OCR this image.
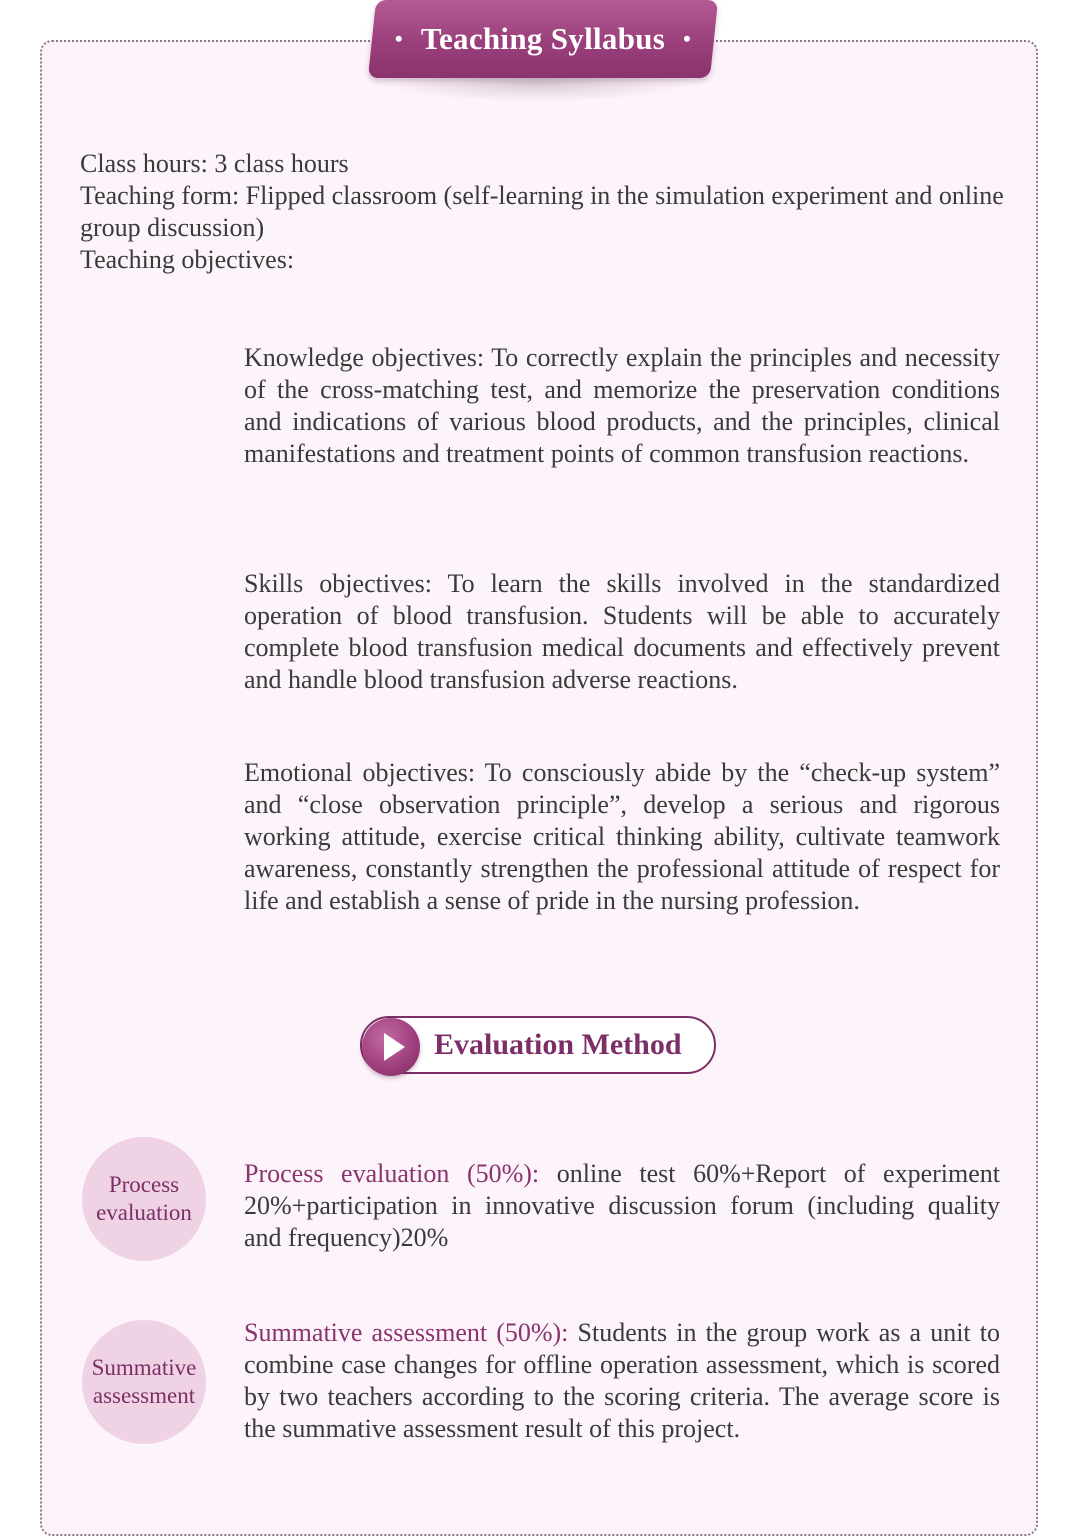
• Teaching Syllabus •
Class hours: 3 class hours
Teaching form: Flipped classroom (self-learning in the simulation experiment and online group discussion)
Teaching objectives:
Knowledge objectives: To correctly explain the principles and necessity of the cross-matching test, and memorize the preservation conditions and indications of various blood products, and the principles, clinical manifestations and treatment points of common transfusion reactions.
Skills objectives: To learn the skills involved in the standardized operation of blood transfusion. Students will be able to accurately complete blood transfusion medical documents and effectively prevent and handle blood transfusion adverse reactions.
Emotional objectives: To consciously abide by the “check-up system” and “close observation principle”, develop a serious and rigorous working attitude, exercise critical thinking ability, cultivate teamwork awareness, constantly strengthen the professional attitude of respect for life and establish a sense of pride in the nursing profession.
Evaluation Method
Process
evaluation
Process evaluation (50%): online test 60%+Report of experiment 20%+participation in innovative discussion forum (including quality and frequency)20%
Summative
assessment
Summative assessment (50%): Students in the group work as a unit to combine case changes for offline operation assessment, which is scored by two teachers according to the scoring criteria. The average score is the summative assessment result of this project.
